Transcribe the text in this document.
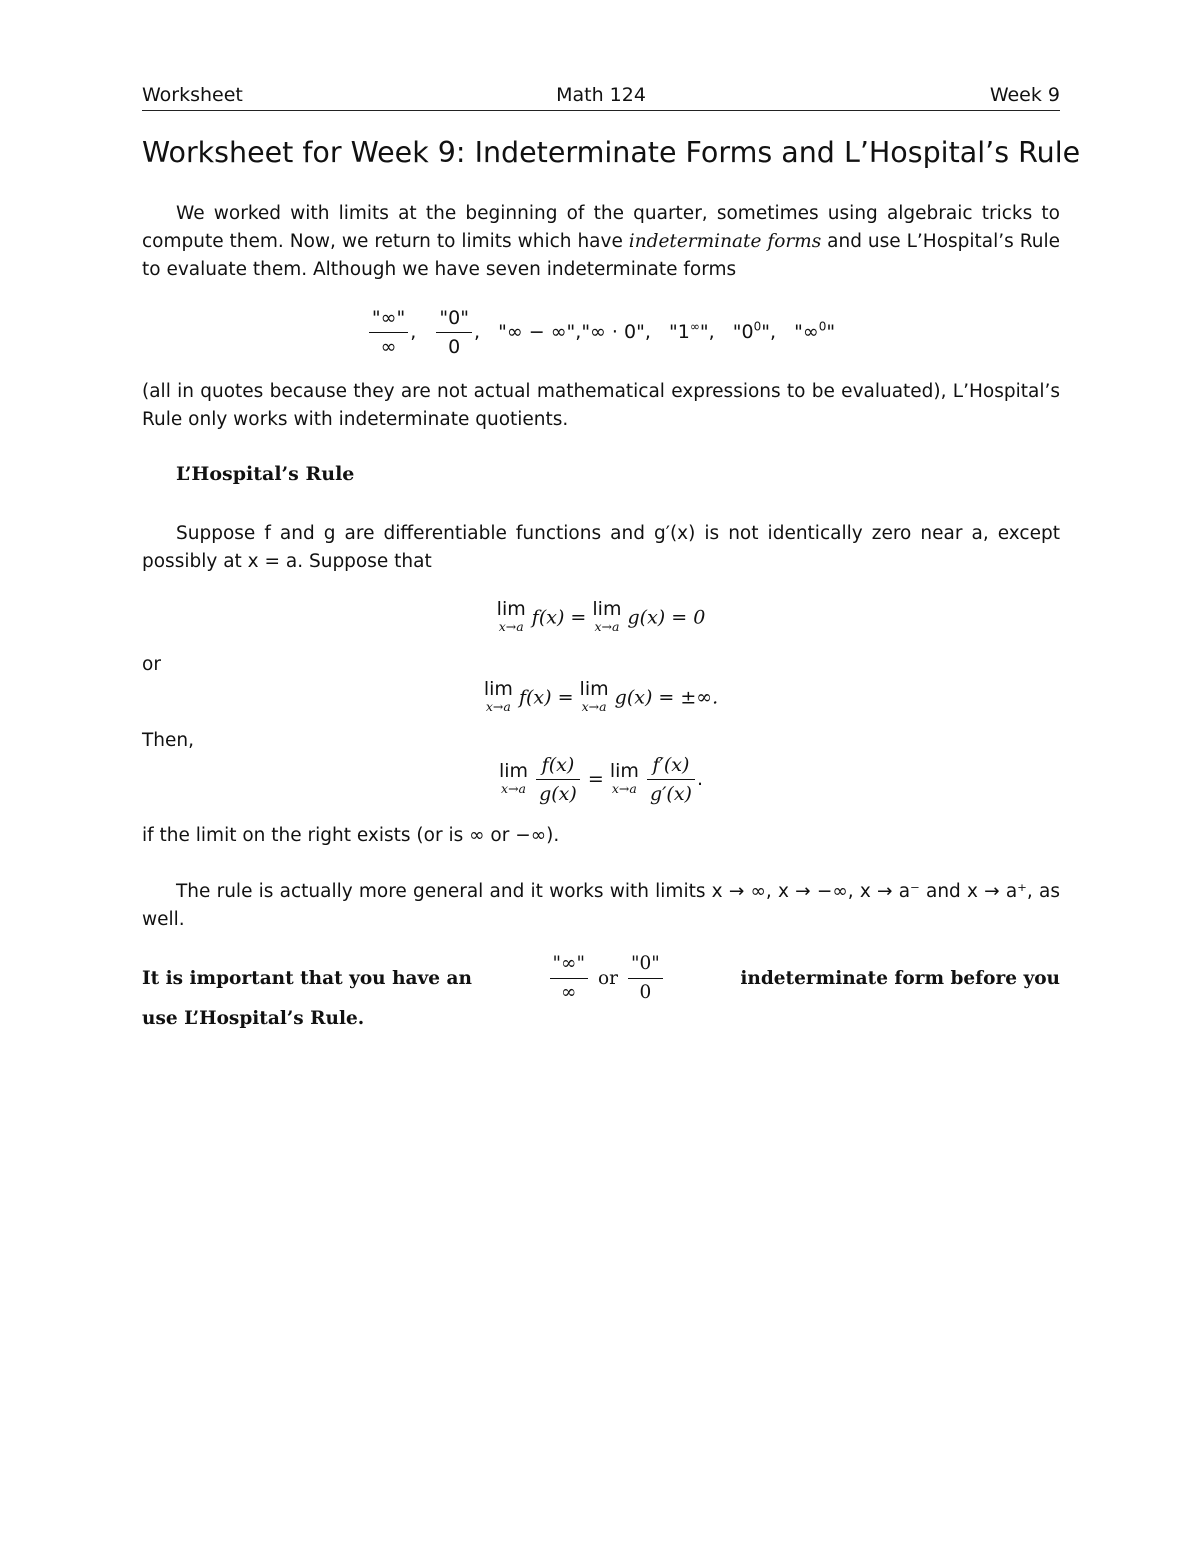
Worksheet	Math 124	Week 9
Worksheet for Week 9: Indeterminate Forms and L’Hospital’s Rule

We worked with limits at the beginning of the quarter, sometimes using algebraic tricks to compute them. Now, we return to limits which have indeterminate forms and use L’Hospital’s Rule to evaluate them. Although we have seven indeterminate forms

$\frac{"\infty"}{\infty}$ , $\frac{"0"}{0}$ ,   "∞ − ∞","∞ · 0", "1∞", "$0^0$", "∞$^0$"

(all in quotes because they are not actual mathematical expressions to be evaluated), L’Hospital’s Rule only works with indeterminate quotients.

L’Hospital’s Rule

Suppose f and g are differentiable functions and g′(x) is not identically zero near a, except possibly at x = a. Suppose that

lim
x→a f(x) = lim
x→a g(x) = 0
or
lim
x→a f(x) = lim
x→a g(x) = ±∞.
Then,
lim
x→a
$\frac{f(x)}{g(x)} = \lim$
x→a
$\frac{f'(x)}{g'(x)}$ .

if the limit on the right exists (or is ∞ or −∞).

The rule is actually more general and it works with limits x → ∞, x → −∞, x → a⁻ and x → a⁺, as well.

It is important that you have an	$\frac{"\infty"}{\infty}$ or $\frac{"0"}{0}$	indeterminate form before you
use L’Hospital’s Rule.
